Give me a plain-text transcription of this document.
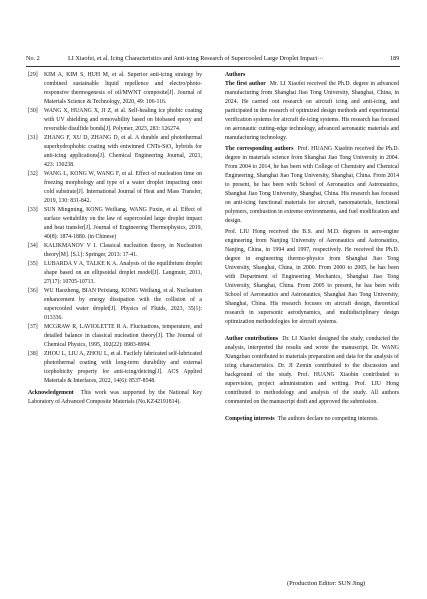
No. 2	LI Xiaofei, et al. Icing Characteristics and Anti-icing Research of Supercooled Large Droplet Impact···	189
[29] KIM A, KIM S, HUH M, et al. Superior anti-icing strategy by combined sustainable liquid repellence and electro/photo-responsive thermogenesis of oil/MWNT composite[J]. Journal of Materials Science & Technology, 2020, 49: 106-116.
[30] WANG X, HUANG X, JI Z, et al. Self-healing ice phobic coating with UV shielding and removability based on biobased epoxy and reversible disulfide bonds[J]. Polymer, 2023, 283: 126274.
[31] ZHANG F, XU D, ZHANG D, et al. A durable and photothermal superhydrophobic coating with entwinned CNTs-SiO₂ hybrids for anti-icing applications[J]. Chemical Engineering Journal, 2021, 423: 130238.
[32] WANG L, KONG W, WANG F, et al. Effect of nucleation time on freezing morphology and type of a water droplet impacting onto cold substrate[J]. International Journal of Heat and Mass Transfer, 2019, 130: 831-842.
[33] SUN Mingming, KONG Weiliang, WANG Fuxin, et al. Effect of surface wettability on the law of supercooled large droplet impact and heat transfer[J]. Journal of Engineering Thermophysics, 2019, 40(8): 1874-1880. (in Chinese)
[34] KALIKMANOV V I. Classical nucleation theory, in Nucleation theory[M]. [S.l.]: Springer, 2013: 17-41.
[35] LUBARDA V A, TALKE K A. Analysis of the equilibrium droplet shape based on an ellipsoidal droplet model[J]. Langmuir, 2011, 27(17): 10705-10713.
[36] WU Haozheng, BIAN Peixiang, KONG Weiliang, et al. Nucleation enhancement by energy dissipation with the collision of a supercooled water droplet[J]. Physics of Fluids, 2023, 35(1): 013336.
[37] MCGRAW R, LAVIOLETTE R A. Fluctuations, temperature, and detailed balance in classical nucleation theory[J]. The Journal of Chemical Physics, 1995, 102(22): 8983-8994.
[38] ZHOU L, LIU A, ZHOU L, et al. Facilely fabricated self-lubricated photothermal coating with long-term durability and external icephobicity property for anti-icing/deicing[J]. ACS Applied Materials & Interfaces, 2022, 14(6): 8537-8548.
Acknowledgement This work was supported by the National Key Laboratory of Advanced Composite Materials (No.KZ42191814).
Authors
The first author Mr. LI Xiaofei received the Ph.D. degree in advanced manufacturing from Shanghai Jiao Tong University, Shanghai, China, in 2024. He carried out research on aircraft icing and anti-icing, and participated in the research of optimized design methods and experimental verification systems for aircraft de-icing systems. His research has focused on aeronautic cutting-edge technology, advanced aeronautic materials and manufacturing technology.
The corresponding authors Prof. HUANG Xiaobin received the Ph.D. degree in materials science from Shanghai Jiao Tong University in 2004. From 2004 to 2014, he has been with College of Chemistry and Chemical Engineering, Shanghai Jiao Tong University, Shanghai, China. From 2014 to present, he has been with School of Aeronautics and Astronautics, Shanghai Jiao Tong University, Shanghai, China. His research has focused on anti-icing functional materials for aircraft, nanomaterials, functional polymers, combustion in extreme environments, and fuel modification and design.
Prof. LIU Hong received the B.S. and M.D. degrees in aero-engine engineering from Nanjing University of Aeronautics and Astronautics, Nanjing, China, in 1994 and 1997, respectively. He received the Ph.D. degree in engineering thermo-physics from Shanghai Jiao Tong University, Shanghai, China, in 2000. From 2000 to 2005, he has been with Department of Engineering Mechanics, Shanghai Jiao Tong University, Shanghai, China. From 2005 to present, he has been with School of Aeronautics and Astronautics, Shanghai Jiao Tong University, Shanghai, China. His research focuses on aircraft design, theoretical research in supersonic aerodynamics, and multidisciplinary design optimization methodologies for aircraft systems.
Author contributions Dr. LI Xiaofei designed the study, conducted the analysis, interpreted the results and wrote the manuscript. Dr. WANG Xiangzhao contributed to materials preparation and data for the analysis of icing characteristics. Dr. JI Zemin contributed to the discussion and background of the study. Prof. HUANG Xiaobin contributed to supervision, project administration and writing. Prof. LIU Hong contributed to methodology and analysis of the study. All authors commented on the manuscript draft and approved the submission.
Competing interests The authors declare no competing interests.
(Production Editor: SUN Jing)
